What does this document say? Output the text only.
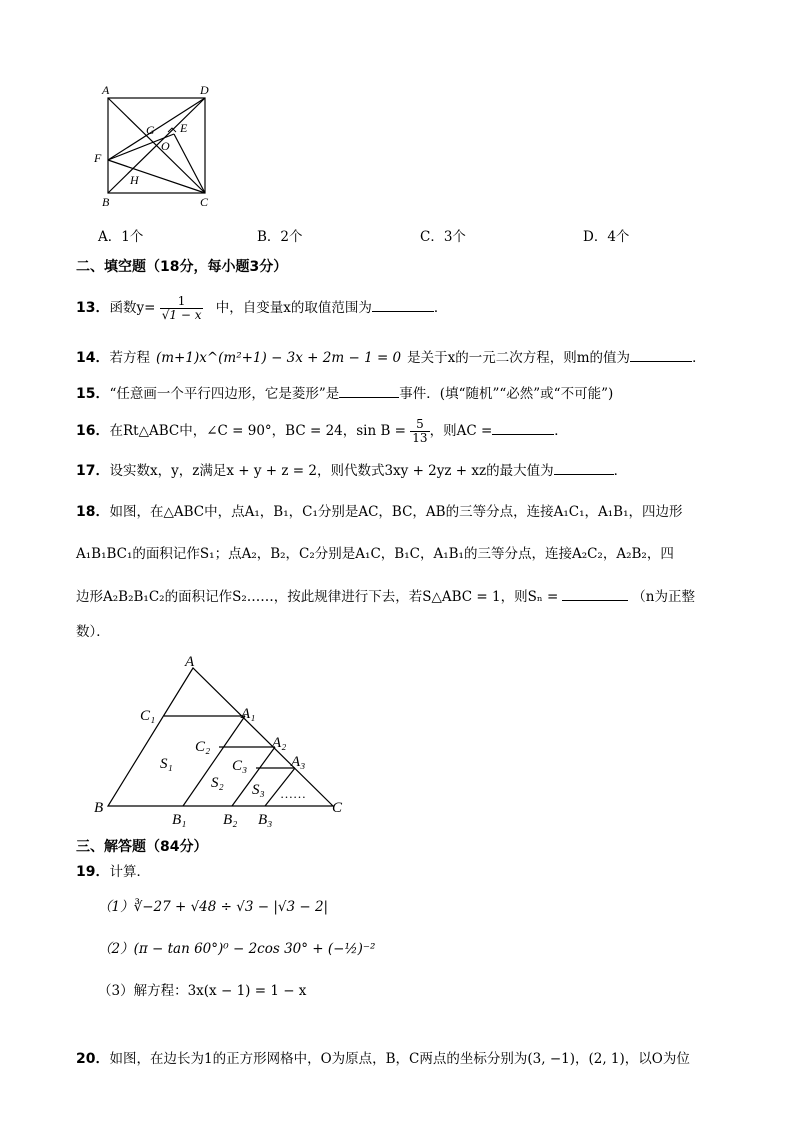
A	D
B	C
G E
O
F
H
A．1个	B．2个	C．3个	D．4个
二、填空题（18分，每小题3分）
13．函数$y= \frac{1}{√1 - x}$ 中，自变量x的取值范围为	．
14．若方程 (m+1)x^(m²+1) − 3x + 2m − 1 = 0 是关于x的一元二次方程，则m的值为	．
15．“任意画一个平行四边形，它是菱形”是	事件．(填“随机”“必然”或“不可能”)
16．在Rt△ABC中，∠C = 90°，BC = 24，$\sin B = \frac{5}{13}$ ，则AC =	．
17．设实数x，y，z满足x + y + z = 2，则代数式3xy + 2yz + xz的最大值为	．
18．如图，在△ABC中，点A₁，B₁，C₁分别是AC，BC，AB的三等分点，连接A₁C₁，A₁B₁，四边形
A₁B₁BC₁的面积记作S₁；点A₂，B₂，C₂分别是A₁C，B₁C，A₁B₁的三等分点，连接A₂C₂，A₂B₂，四
边形A₂B₂B₁C₂的面积记作S₂……，按此规律进行下去，若S△ABC = 1，则Sₙ =	（n为正整
数）．
A
C₁	A₁
C₂	A₂
C₃	A₃
S₁
S₂ S₃ ……
B	C
B₁ B₂ B₃
三、解答题（84分）
19．计算．
（1）∛−27 + √48 ÷ √3 − |√3 − 2|
（2）(π − tan 60°)⁰ − 2cos 30° + (−½)⁻²
（3）解方程：3x(x − 1) = 1 − x
20．如图，在边长为1的正方形网格中，O为原点，B，C两点的坐标分别为(3, −1)，(2, 1)，以O为位
